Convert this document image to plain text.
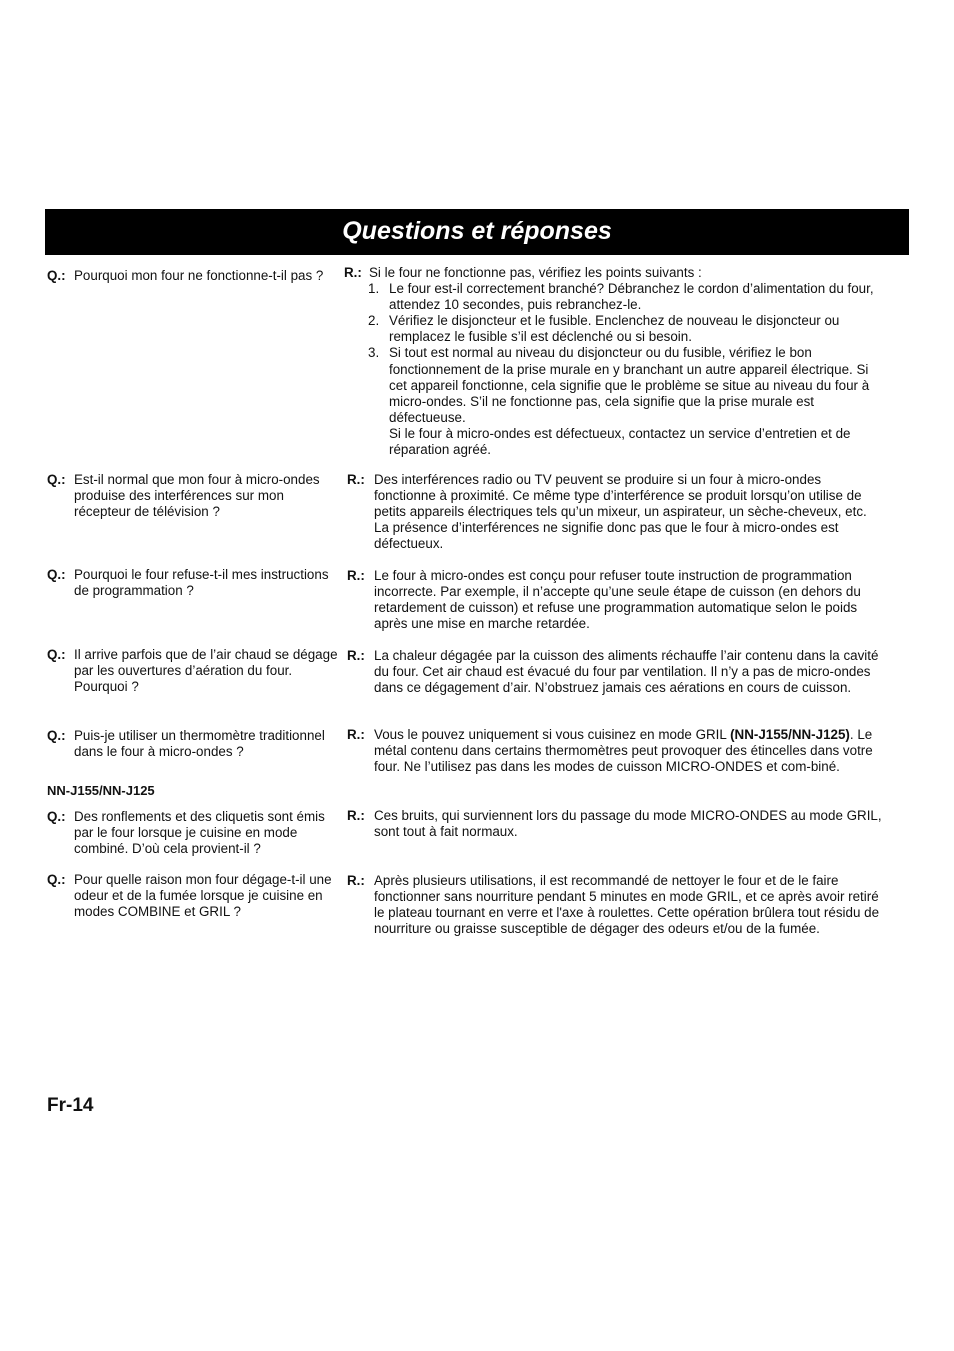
Questions et réponses
Q.: Pourquoi mon four ne fonctionne-t-il pas ?	R.: Si le four ne fonctionne pas, vérifiez les points suivants :
1. Le four est-il correctement branché? Débranchez le cordon d’alimentation du four, attendez 10 secondes, puis rebranchez-le.
2. Vérifiez le disjoncteur et le fusible. Enclenchez de nouveau le disjoncteur ou remplacez le fusible s’il est déclenché ou si besoin.
3. Si tout est normal au niveau du disjoncteur ou du fusible, vérifiez le bon fonctionnement de la prise murale en y branchant un autre appareil électrique. Si cet appareil fonctionne, cela signifie que le problème se situe au niveau du four à micro-ondes. S’il ne fonctionne pas, cela signifie que la prise murale est défectueuse.
Si le four à micro-ondes est défectueux, contactez un service d’entretien et de réparation agréé.
Q.: Est-il normal que mon four à micro-ondes produise des interférences sur mon récepteur de télévision ?
R.: Des interférences radio ou TV peuvent se produire si un four à micro-ondes fonctionne à proximité. Ce même type d’interférence se produit lorsqu’on utilise de petits appareils électriques tels qu’un mixeur, un aspirateur, un sèche-cheveux, etc. La présence d’interférences ne signifie donc pas que le four à micro-ondes est défectueux.
Q.: Pourquoi le four refuse-t-il mes instructions de programmation ?
R.: Le four à micro-ondes est conçu pour refuser toute instruction de programmation incorrecte. Par exemple, il n’accepte qu’une seule étape de cuisson (en dehors du retardement de cuisson) et refuse une programmation automatique selon le poids après une mise en marche retardée.
Q.: Il arrive parfois que de l’air chaud se dégage par les ouvertures d’aération du four. Pourquoi ?
R.: La chaleur dégagée par la cuisson des aliments réchauffe l’air contenu dans la cavité du four. Cet air chaud est évacué du four par ventilation. Il n’y a pas de micro-ondes dans ce dégagement d’air. N’obstruez jamais ces aérations en cours de cuisson.
Q.: Puis-je utiliser un thermomètre traditionnel dans le four à micro-ondes ?
R.: Vous le pouvez uniquement si vous cuisinez en mode GRIL (NN-J155/NN-J125). Le métal contenu dans certains thermomètres peut provoquer des étincelles dans votre four. Ne l’utilisez pas dans les modes de cuisson MICRO-ONDES et com-biné.
NN-J155/NN-J125
Q.: Des ronflements et des cliquetis sont émis par le four lorsque je cuisine en mode combiné. D’où cela provient-il ?
R.: Ces bruits, qui surviennent lors du passage du mode MICRO-ONDES au mode GRIL, sont tout à fait normaux.
Q.: Pour quelle raison mon four dégage-t-il une odeur et de la fumée lorsque je cuisine en modes COMBINE et GRIL ?
R.: Après plusieurs utilisations, il est recommandé de nettoyer le four et de le faire fonctionner sans nourriture pendant 5 minutes en mode GRIL, et ce après avoir retiré le plateau tournant en verre et l'axe à roulettes. Cette opération brûlera tout résidu de nourriture ou graisse susceptible de dégager des odeurs et/ou de la fumée.
Fr-14
